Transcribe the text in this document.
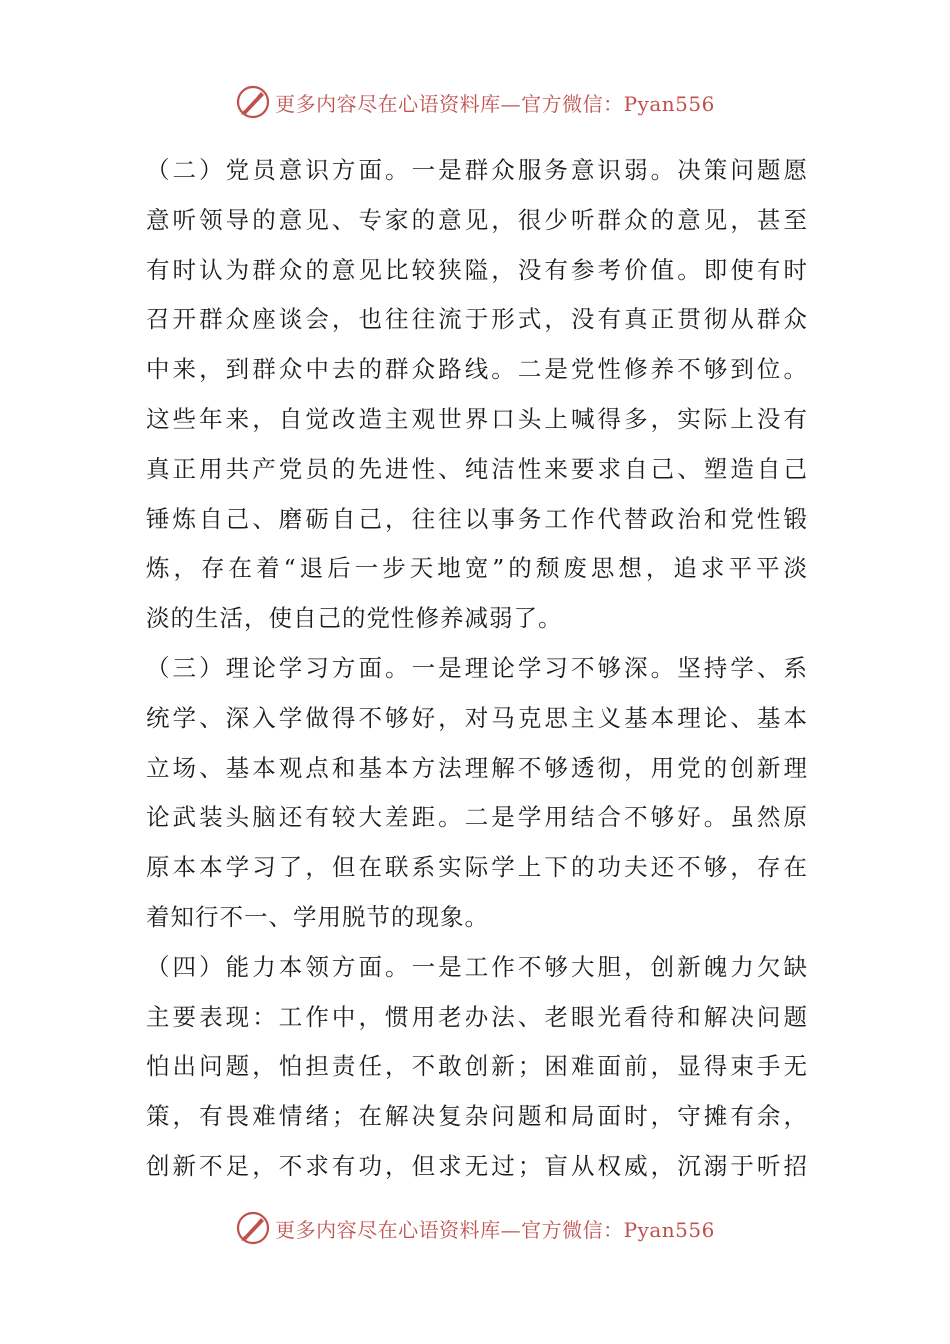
更多内容尽在心语资料库—官方微信：Pyan556
（二）党员意识方面。一是群众服务意识弱。决策问题愿
意听领导的意见、专家的意见，很少听群众的意见，甚至
有时认为群众的意见比较狭隘，没有参考价值。即使有时
召开群众座谈会，也往往流于形式，没有真正贯彻从群众
中来，到群众中去的群众路线。二是党性修养不够到位。
这些年来，自觉改造主观世界口头上喊得多，实际上没有
真正用共产党员的先进性、纯洁性来要求自己、塑造自己
锤炼自己、磨砺自己，往往以事务工作代替政治和党性锻
炼，存在着“退后一步天地宽”的颓废思想，追求平平淡
淡的生活，使自己的党性修养减弱了。
（三）理论学习方面。一是理论学习不够深。坚持学、系
统学、深入学做得不够好，对马克思主义基本理论、基本
立场、基本观点和基本方法理解不够透彻，用党的创新理
论武装头脑还有较大差距。二是学用结合不够好。虽然原
原本本学习了，但在联系实际学上下的功夫还不够，存在
着知行不一、学用脱节的现象。
（四）能力本领方面。一是工作不够大胆，创新魄力欠缺
主要表现：工作中，惯用老办法、老眼光看待和解决问题
怕出问题，怕担责任，不敢创新；困难面前，显得束手无
策，有畏难情绪；在解决复杂问题和局面时，守摊有余，
创新不足，不求有功，但求无过；盲从权威，沉溺于听招
更多内容尽在心语资料库—官方微信：Pyan556
